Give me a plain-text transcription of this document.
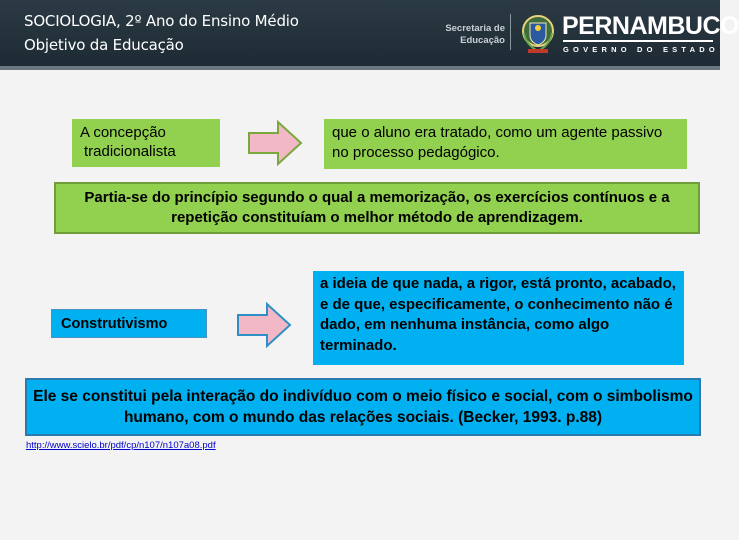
SOCIOLOGIA, 2º Ano do Ensino Médio
Objetivo da Educação
Secretaria de
Educação
PERNAMBUCO
GOVERNO DO ESTADO
A concepção
tradicionalista
que o aluno era tratado, como um agente passivo no processo pedagógico.
Partia-se do princípio segundo o qual a memorização, os exercícios contínuos e a repetição constituíam o melhor método de aprendizagem.
Construtivismo
a ideia de que nada, a rigor, está pronto, acabado, e de que, especificamente, o conhecimento não é dado, em nenhuma instância, como algo terminado.
Ele se constitui pela interação do indivíduo com o meio físico e social, com o simbolismo humano, com o mundo das relações sociais. (Becker, 1993. p.88)
http://www.scielo.br/pdf/cp/n107/n107a08.pdf
